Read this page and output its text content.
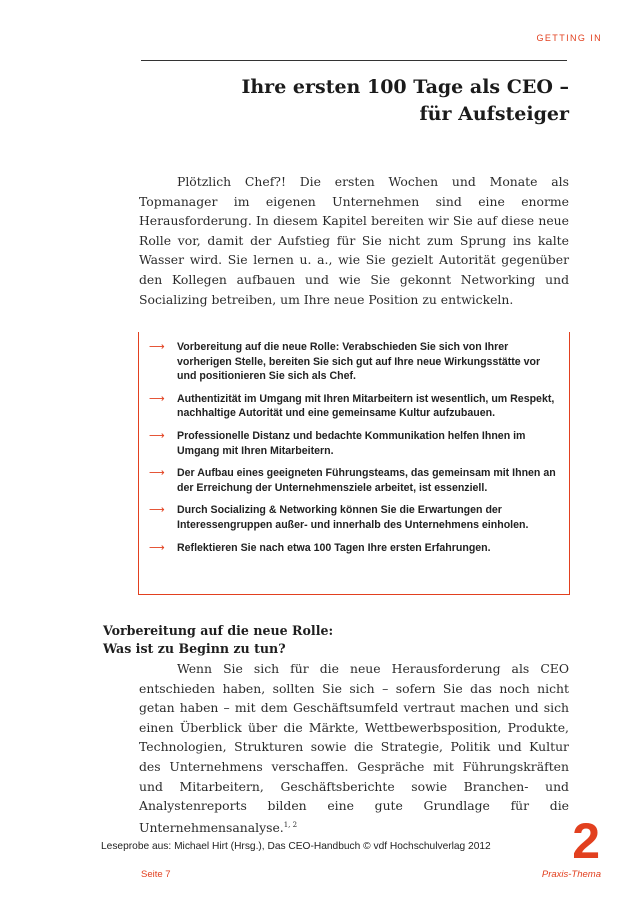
GETTING IN
Ihre ersten 100 Tage als CEO –
für Aufsteiger

Plötzlich Chef?! Die ersten Wochen und Monate als Topmanager im eigenen Unternehmen sind eine enorme Herausforderung. In diesem Kapitel bereiten wir Sie auf diese neue Rolle vor, damit der Aufstieg für Sie nicht zum Sprung ins kalte Wasser wird. Sie lernen u. a., wie Sie gezielt Autorität gegenüber den Kollegen aufbauen und wie Sie gekonnt Networking und Socializing betreiben, um Ihre neue Position zu entwickeln.

⟶ Vorbereitung auf die neue Rolle: Verabschieden Sie sich von Ihrer vorherigen Stelle, bereiten Sie sich gut auf Ihre neue Wirkungsstätte vor und positionieren Sie sich als Chef.
⟶ Authentizität im Umgang mit Ihren Mitarbeitern ist wesentlich, um Respekt, nachhaltige Autorität und eine gemeinsame Kultur aufzubauen.
⟶ Professionelle Distanz und bedachte Kommunikation helfen Ihnen im Umgang mit Ihren Mitarbeitern.
⟶ Der Aufbau eines geeigneten Führungsteams, das gemeinsam mit Ihnen an der Erreichung der Unternehmensziele arbeitet, ist essenziell.
⟶ Durch Socializing & Networking können Sie die Erwartungen der Interessengruppen außer- und innerhalb des Unternehmens einholen.
⟶ Reflektieren Sie nach etwa 100 Tagen Ihre ersten Erfahrungen.
Vorbereitung auf die neue Rolle:
Was ist zu Beginn zu tun?

Wenn Sie sich für die neue Herausforderung als CEO entschieden haben, sollten Sie sich – sofern Sie das noch nicht getan haben – mit dem Geschäftsumfeld vertraut machen und sich einen Überblick über die Märkte, Wettbewerbsposition, Produkte, Technologien, Strukturen sowie die Strategie, Politik und Kultur des Unternehmens verschaffen. Gespräche mit Führungskräften und Mitarbeitern, Geschäftsberichte sowie Branchen- und Analystenreports bilden eine gute Grundlage für die Unternehmensanalyse.$^{1, 2}$

Leseprobe aus: Michael Hirt (Hrsg.), Das CEO-Handbuch © vdf Hochschulverlag 2012
Seite 7
2
Praxis-Thema
